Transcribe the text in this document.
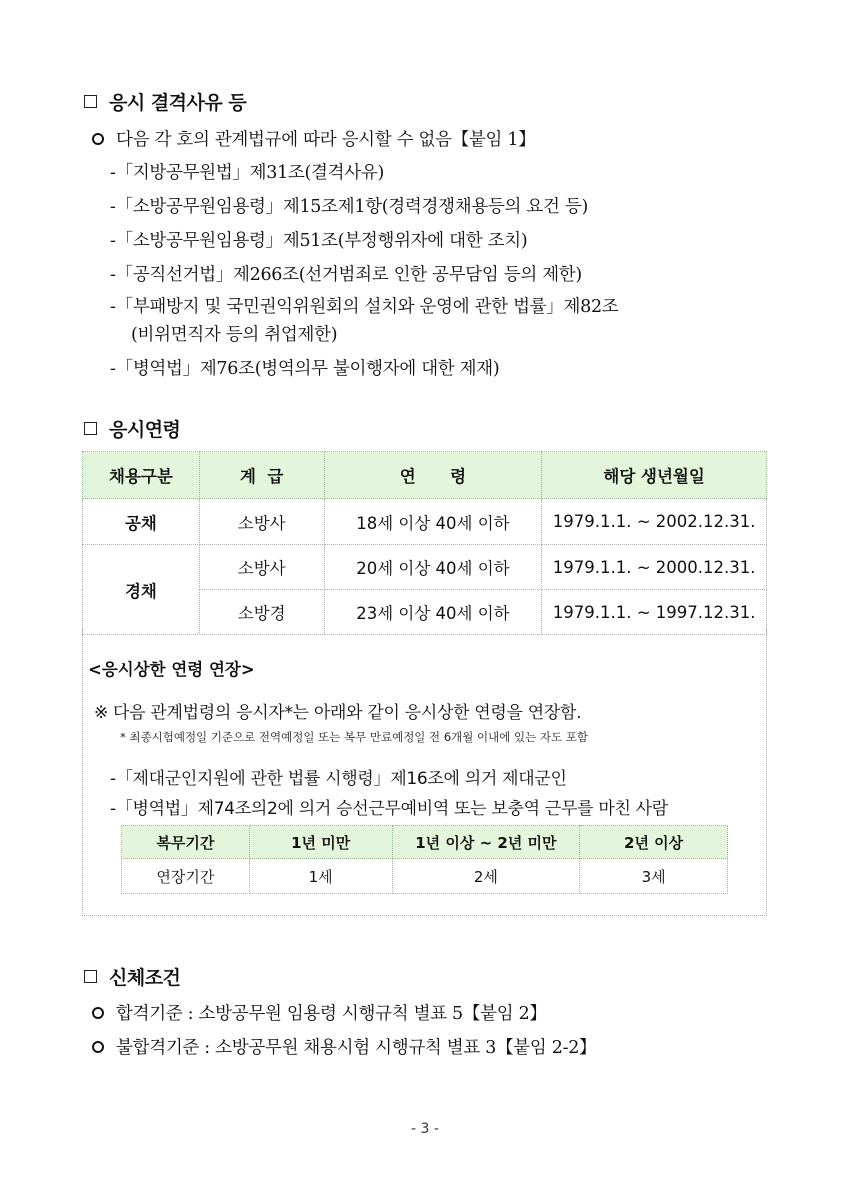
응시 결격사유 등
다음 각 호의 관계법규에 따라 응시할 수 없음【붙임 1】
-「지방공무원법」제31조(결격사유)
-「소방공무원임용령」제15조제1항(경력경쟁채용등의 요건 등)
-「소방공무원임용령」제51조(부정행위자에 대한 조치)
-「공직선거법」제266조(선거범죄로 인한 공무담임 등의 제한)
-「부패방지 및 국민권익위원회의 설치와 운영에 관한 법률」제82조
(비위면직자 등의 취업제한)
-「병역법」제76조(병역의무 불이행자에 대한 제재)
응시연령
채용구분	계  급	연      령	해당 생년월일
공채	소방사	18세 이상 40세 이하	1979.1.1. ~ 2002.12.31.
경채	소방사	20세 이상 40세 이하	1979.1.1. ~ 2000.12.31.
	소방경	23세 이상 40세 이하	1979.1.1. ~ 1997.12.31.
<응시상한 연령 연장>
※ 다음 관계법령의 응시자*는 아래와 같이 응시상한 연령을 연장함.
* 최종시험예정일 기준으로 전역예정일 또는 복무 만료예정일 전 6개월 이내에 있는 자도 포함
-「제대군인지원에 관한 법률 시행령」제16조에 의거 제대군인
-「병역법」제74조의2에 의거 승선근무예비역 또는 보충역 근무를 마친 사람
복무기간	1년 미만	1년 이상 ~ 2년 미만	2년 이상
연장기간	1세	2세	3세
신체조건
합격기준 : 소방공무원 임용령 시행규칙 별표 5【붙임 2】
불합격기준 : 소방공무원 채용시험 시행규칙 별표 3【붙임 2-2】
- 3 -
